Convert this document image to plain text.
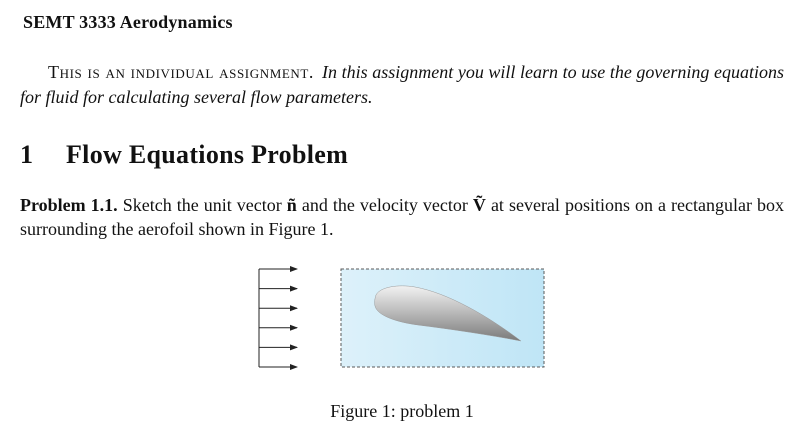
SEMT 3333 Aerodynamics
This is an individual assignment. In this assignment you will learn to use the governing equations for fluid for calculating several flow parameters.
1 Flow Equations Problem
Problem 1.1. Sketch the unit vector ñ and the velocity vector Ṽ at several positions on a rectangular box surrounding the aerofoil shown in Figure 1.
Figure 1: problem 1
